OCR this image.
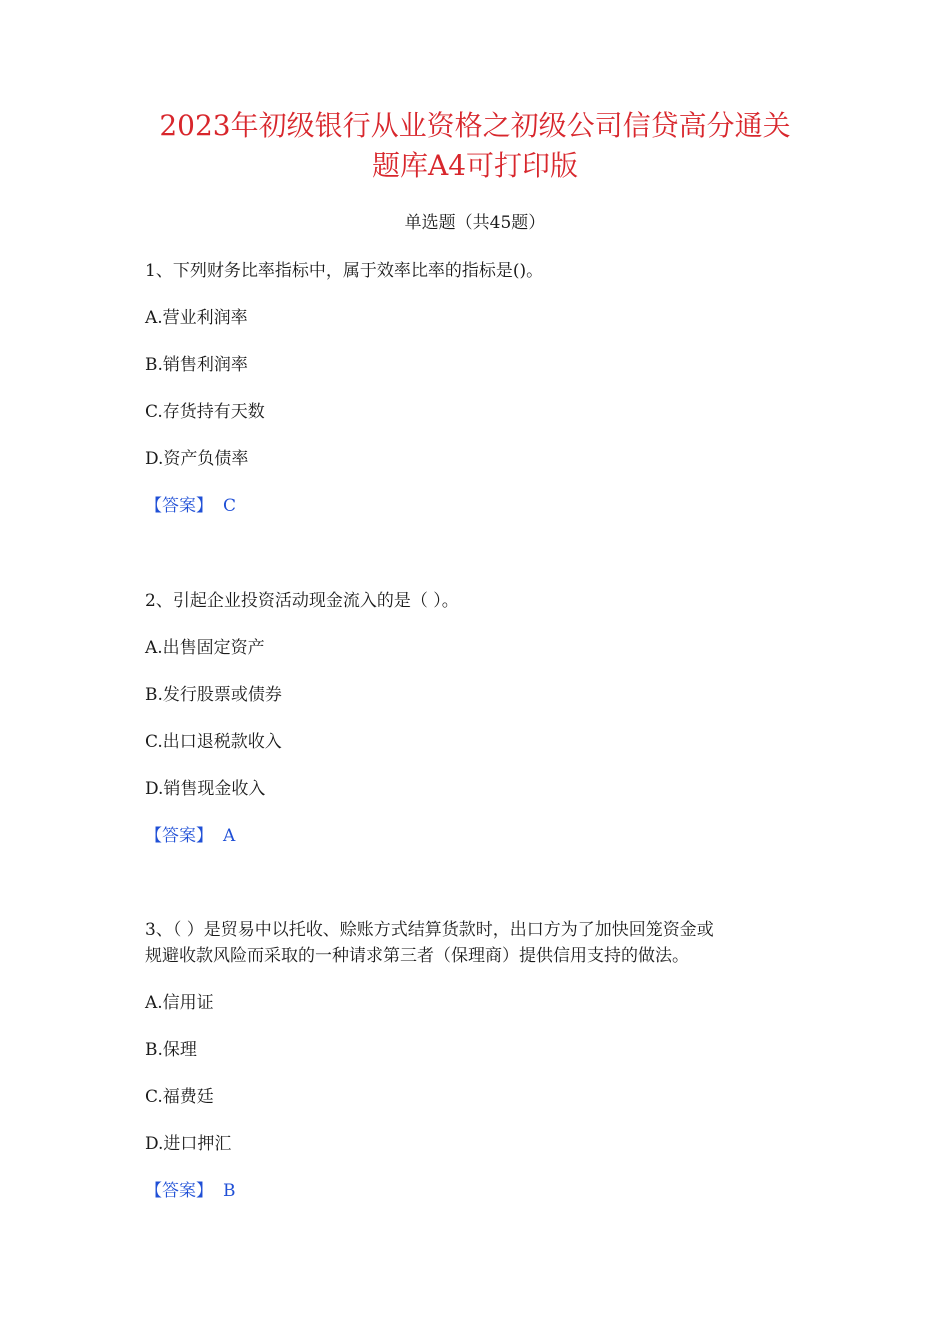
2023年初级银行从业资格之初级公司信贷高分通关
题库A4可打印版
单选题（共45题）
1、下列财务比率指标中，属于效率比率的指标是()。
A.营业利润率
B.销售利润率
C.存货持有天数
D.资产负债率
【答案】 C
2、引起企业投资活动现金流入的是（ ）。
A.出售固定资产
B.发行股票或债券
C.出口退税款收入
D.销售现金收入
【答案】 A
3、（ ）是贸易中以托收、赊账方式结算货款时，出口方为了加快回笼资金或
规避收款风险而采取的一种请求第三者（保理商）提供信用支持的做法。
A.信用证
B.保理
C.福费廷
D.进口押汇
【答案】 B
